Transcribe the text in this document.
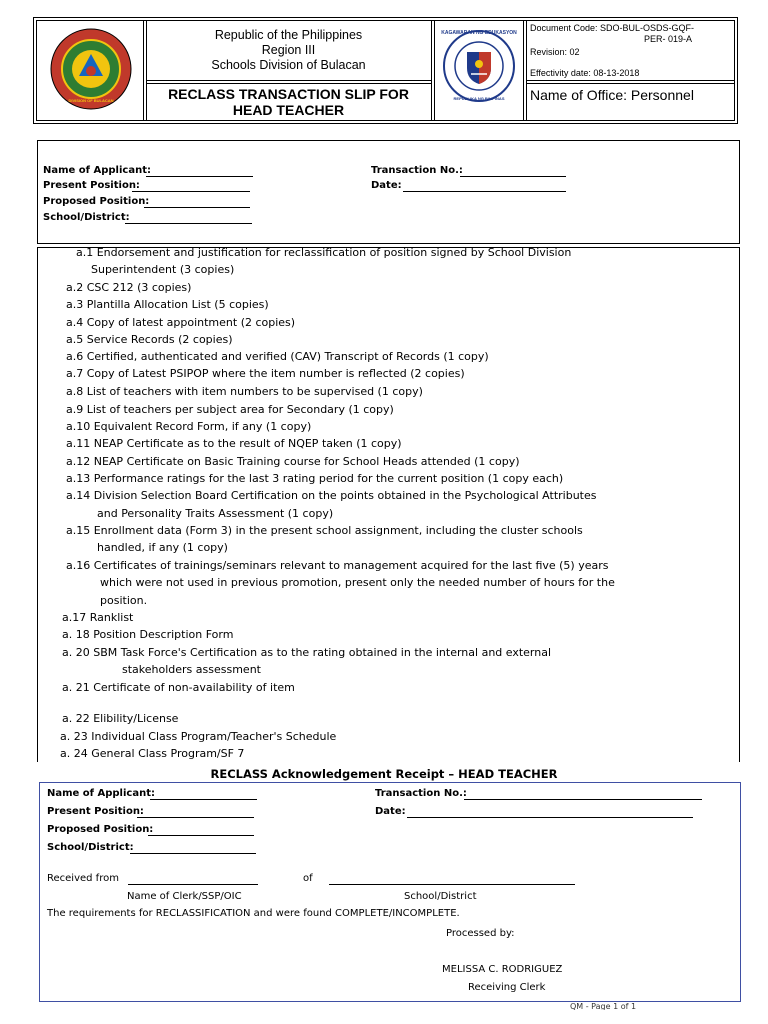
DIVISION OF BULACAN
Republic of the Philippines
Region III
Schools Division of Bulacan
RECLASS TRANSACTION SLIP FOR
HEAD TEACHER
KAGAWARAN NG EDUKASYON
REPUBLIKA NG PILIPINAS
Document Code: SDO-BUL-OSDS-GQF-
PER- 019-A
Revision: 02
Effectivity date: 08-13-2018
Name of Office: Personnel
Name of Applicant:
Present Position:
Proposed Position:
School/District:
Transaction No.:
Date:
a.1 Endorsement and justification for reclassification of position signed by School Division
Superintendent (3 copies)
a.2 CSC 212 (3 copies)
a.3 Plantilla Allocation List (5 copies)
a.4 Copy of latest appointment (2 copies)
a.5 Service Records (2 copies)
a.6 Certified, authenticated and verified (CAV) Transcript of Records (1 copy)
a.7 Copy of Latest PSIPOP where the item number is reflected (2 copies)
a.8 List of teachers with item numbers to be supervised (1 copy)
a.9 List of teachers per subject area for Secondary (1 copy)
a.10 Equivalent Record Form, if any (1 copy)
a.11 NEAP Certificate as to the result of NQEP taken (1 copy)
a.12 NEAP Certificate on Basic Training course for School Heads attended (1 copy)
a.13 Performance ratings for the last 3 rating period for the current position (1 copy each)
a.14 Division Selection Board Certification on the points obtained in the Psychological Attributes
and Personality Traits Assessment (1 copy)
a.15 Enrollment data (Form 3) in the present school assignment, including the cluster schools
handled, if any (1 copy)
a.16 Certificates of trainings/seminars relevant to management acquired for the last five (5) years
which were not used in previous promotion, present only the needed number of hours for the
position.
a.17 Ranklist
a. 18 Position Description Form
a. 20 SBM Task Force's Certification as to the rating obtained in the internal and external
stakeholders assessment
a. 21 Certificate of non-availability of item
a. 22 Elibility/License
a. 23 Individual Class Program/Teacher's Schedule
a. 24 General Class Program/SF 7
RECLASS Acknowledgement Receipt – HEAD TEACHER
Name of Applicant:
Present Position:
Proposed Position:
School/District:
Transaction No.:
Date:
Received from	of
Name of Clerk/SSP/OIC	School/District
The requirements for RECLASSIFICATION and were found COMPLETE/INCOMPLETE.
Processed by:
MELISSA C. RODRIGUEZ
Receiving Clerk
QM - Page 1 of 1
